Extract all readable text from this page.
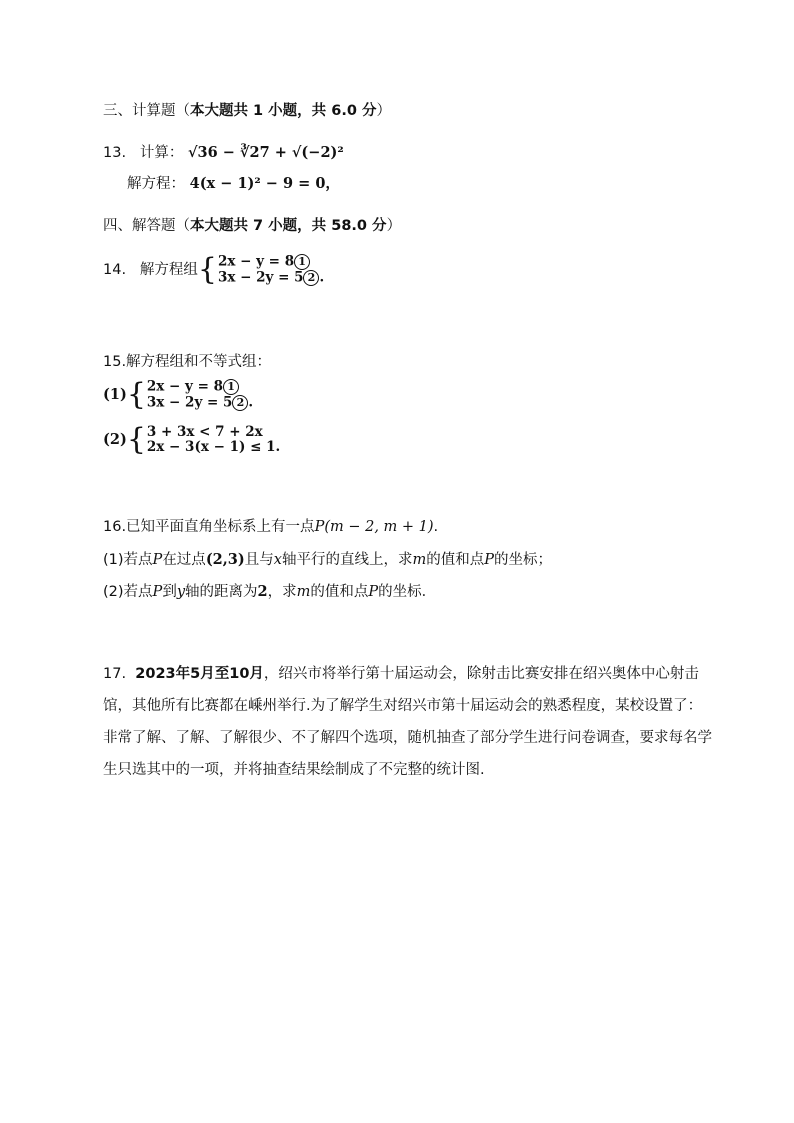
三、计算题（本大题共 1 小题，共 6.0 分）
13. 计算： √36 − ∛27 + √(−2)²
解方程： 4(x − 1)² − 9 = 0，
四、解答题（本大题共 7 小题，共 58.0 分）
14. 解方程组{2x − y = 8 1
3x − 2y = 5 2 .
15.解方程组和不等式组：
(1){2x − y = 8 1
3x − 2y = 5 2 .
(2){3 + 3x < 7 + 2x
2x − 3(x − 1) ≤ 1.
16.已知平面直角坐标系上有一点P(m − 2, m + 1).
(1)若点P在过点(2,3)且与x轴平行的直线上，求m的值和点P的坐标；
(2)若点P到y轴的距离为2，求m的值和点P的坐标．
17. 2023年5月至10月，绍兴市将举行第十届运动会，除射击比赛安排在绍兴奥体中心射击馆，其他所有比赛都在嵊州举行.为了解学生对绍兴市第十届运动会的熟悉程度，某校设置了：非常了解、了解、了解很少、不了解四个选项，随机抽查了部分学生进行问卷调查，要求每名学生只选其中的一项，并将抽查结果绘制成了不完整的统计图.
